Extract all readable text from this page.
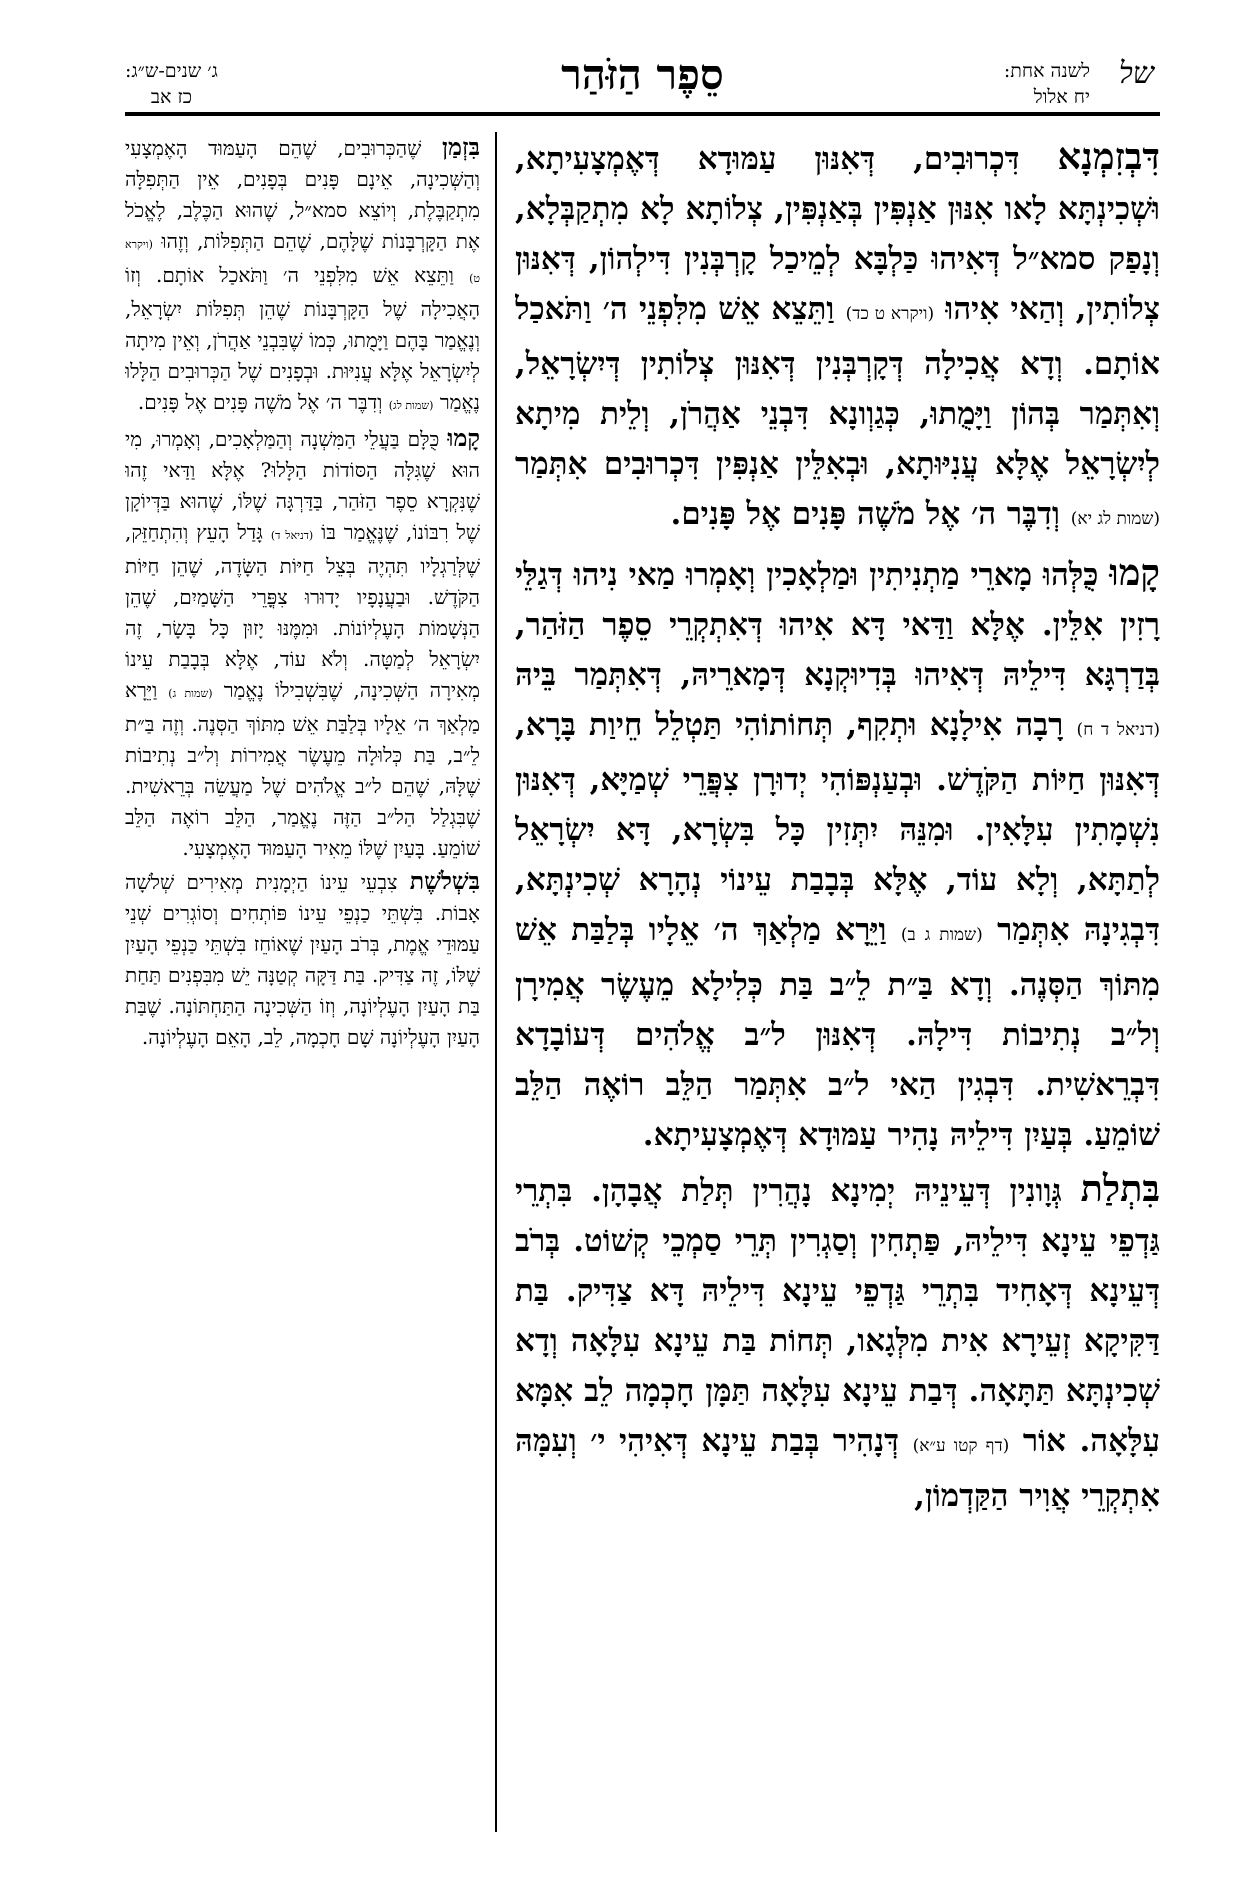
של
לשנה אחת:
יח אלול
סֵפֶר הַזֹּהַר
ג׳ שנים-ש״ג:
כז אב

דִּבְזִמְנָא דִּכְרוּבִים, דְּאִנּוּן עַמּוּדָא דְּאֶמְצָעִיתָא, וּשְׁכִינְתָּא לָאו אִנּוּן אַנְפִּין בְּאַנְפִּין, צְלוֹתָא לָא מִתְקַבְּלָא, וְנָפַק סמא״ל דְּאִיהוּ כַּלְבָּא לְמֵיכַל קָרְבְּנִין דִּילְהוֹן, דְּאִנּוּן צְלוֹתִין, וְהַאי אִיהוּ (ויקרא ט כד) וַתֵּצֵא אֵשׁ מִלִּפְנֵי ה׳ וַתֹּאכַל אוֹתָם. וְדָא אֲכִילָה דְּקָרְבְּנִין דְּאִנּוּן צְלוֹתִין דְּיִשְׂרָאֵל, וְאִתְּמַר בְּהוֹן וַיָּמֻתוּ, כְּגַוְונָא דִּבְנֵי אַהֲרֹן, וְלֵית מִיתָא לְיִשְׂרָאֵל אֶלָּא עֲנִיּוּתָא, וּבְאִלֵּין אַנְפִּין דִּכְרוּבִים אִתְּמַר (שמות לג יא) וְדִבֶּר ה׳ אֶל מֹשֶׁה פָּנִים אֶל פָּנִים.

קָמוּ כֻּלְּהוּ מָארֵי מַתְנִיתִין וּמַלְאָכִין וְאָמְרוּ מַאי נִיהוּ דְּגַלֵּי רָזִין אִלֵּין. אֶלָּא וַדַּאי דָּא אִיהוּ דְּאִתְקְרֵי סֵפֶר הַזֹּהַר, בְּדַרְגָּא דִּילֵיהּ דְּאִיהוּ בְּדִיוּקְנָא דְּמָארֵיהּ, דְּאִתְּמַר בֵּיהּ (דניאל ד ח) רָבָה אִילָנָא וּתְקִף, תְּחוֹתוֹהִי תַּטְלֵל חֵיוַת בָּרָא, דְּאִנּוּן חַיּוֹת הַקֹּדֶשׁ. וּבְעַנְפּוֹהִי יְדוּרָן צִפֲּרֵי שְׁמַיָּא, דְּאִנּוּן נִשְׁמָתִין עִלָּאִין. וּמִנֵּהּ יִתְּזִין כָּל בִּשְׂרָא, דָּא יִשְׂרָאֵל לְתַתָּא, וְלָא עוֹד, אֶלָּא בְּבָבַת עֵינוֹי נְהָרָא שְׁכִינְתָּא, דִּבְגִינָהּ אִתְּמַר (שמות ג ב) וַיֵּרָא מַלְאַךְ ה׳ אֵלָיו בְּלַבַּת אֵשׁ מִתּוֹךְ הַסְּנֶה. וְדָא בַּ״ת לֵ״ב בַּת כְּלִילָא מֵעֶשֶׂר אֲמִירָן וְל״ב נְתִיבוֹת דִּילָהּ. דְּאִנּוּן ל״ב אֱלֹהִים דְּעוֹבָדָא דִּבְרֵאשִׁית. דִּבְגִין הַאי ל״ב אִתְּמַר הַלֵּב רוֹאֶה הַלֵּב שׁוֹמֵעַ. בְּעַיִן דִּילֵיהּ נָהִיר עַמּוּדָא דְּאֶמְצָעִיתָא.

בִּתְלַת גְּוָונִין דְּעֵינֵיהּ יְמִינָא נָהֲרִין תְּלַת אֲבָהָן. בִּתְרֵי גַּדְפֵי עֵינָא דִּילֵיהּ, פַּתְחִין וְסַגְרִין תְּרֵי סַמְכֵי קְשׁוֹט. בְּרֹב דְּעֵינָא דְּאָחִיד בִּתְרֵי גַּדְפֵי עֵינָא דִּילֵיהּ דָּא צַדִּיק. בַּת דַּקִּיקָא זְעֵירָא אִית מִלְּגָאו, תְּחוֹת בַּת עֵינָא עִלָּאָה וְדָא שְׁכִינְתָּא תַּתָּאָה. דְּבַת עֵינָא עִלָּאָה תַּמָּן חָכְמָה לֵב אִמָּא עִלָּאָה. אוֹר (דף קטו ע״א) דְּנָהִיר בְּבַת עֵינָא דְּאִיהִי י׳ וְעִמָּהּ אִתְקְרֵי אֲוִיר הַקַּדְמוֹן,

בִּזְמַן שֶׁהַכְּרוּבִים, שֶׁהֵם הָעַמּוּד הָאֶמְצָעִי וְהַשְּׁכִינָה, אֵינָם פָּנִים בְּפָנִים, אֵין הַתְּפִלָּה מִתְקַבֶּלֶת, וְיוֹצֵא סמא״ל, שֶׁהוּא הַכֶּלֶב, לֶאֱכֹל אֶת הַקָּרְבָּנוֹת שֶׁלָּהֶם, שֶׁהֵם הַתְּפִלּוֹת, וְזֶהוּ (ויקרא ט) וַתֵּצֵא אֵשׁ מִלִּפְנֵי ה׳ וַתֹּאכַל אוֹתָם. וְזוֹ הָאֲכִילָה שֶׁל הַקָּרְבָּנוֹת שֶׁהֵן תְּפִלּוֹת יִשְׂרָאֵל, וְנֶאֱמַר בָּהֶם וַיָּמֻתוּ, כְּמוֹ שֶׁבִּבְנֵי אַהֲרֹן, וְאֵין מִיתָה לְיִשְׂרָאֵל אֶלָּא עֲנִיּוּת. וּבְפָנִים שֶׁל הַכְּרוּבִים הַלָּלוּ נֶאֱמַר (שמות לג) וְדִבֶּר ה׳ אֶל מֹשֶׁה פָּנִים אֶל פָּנִים.

קָמוּ כֻּלָּם בַּעֲלֵי הַמִּשְׁנָה וְהַמַּלְאָכִים, וְאָמְרוּ, מִי הוּא שֶׁגִּלָּה הַסּוֹדוֹת הַלָּלוּ? אֶלָּא וַדַּאי זֶהוּ שֶׁנִּקְרָא סֵפֶר הַזֹּהַר, בַּדַּרְגָּה שֶׁלּוֹ, שֶׁהוּא בַּדְּיוֹקָן שֶׁל רִבּוֹנוֹ, שֶׁנֶּאֱמַר בּוֹ (דניאל ד) גָּדַל הָעֵץ וְהִתְחַזֵּק, שֶׁלְּרַגְלָיו תִּהְיֶה בְּצֵל חַיּוֹת הַשָּׂדֶה, שֶׁהֵן חַיּוֹת הַקֹּדֶשׁ. וּבַעֲנָפָיו יָדוּרוּ צִפֳּרֵי הַשָּׁמַיִם, שֶׁהֵן הַנְּשָׁמוֹת הָעֶלְיוֹנוֹת. וּמִמֶּנּוּ יָזוּן כָּל בָּשָׂר, זֶה יִשְׂרָאֵל לְמַטָּה. וְלֹא עוֹד, אֶלָּא בְּבָבַת עֵינוֹ מְאִירָה הַשְּׁכִינָה, שֶׁבִּשְׁבִילוֹ נֶאֱמַר (שמות ג) וַיֵּרָא מַלְאַךְ ה׳ אֵלָיו בְּלַבַּת אֵשׁ מִתּוֹךְ הַסְּנֶה. וְזֶה בַּ״ת לֵ״ב, בַּת כְּלוּלָה מֵעֶשֶׂר אֲמִירוֹת וְל״ב נְתִיבוֹת שֶׁלָּהּ, שֶׁהֵם ל״ב אֱלֹהִים שֶׁל מַעֲשֵׂה בְּרֵאשִׁית. שֶׁבִּגְלַל הַל״ב הַזֶּה נֶאֱמַר, הַלֵּב רוֹאֶה הַלֵּב שׁוֹמֵעַ. בָּעַיִן שֶׁלּוֹ מֵאִיר הָעַמּוּד הָאֶמְצָעִי.

בִּשְׁלֹשֶׁת צִבְעֵי עֵינוֹ הַיְמָנִית מְאִירִים שְׁלֹשָׁה אָבוֹת. בִּשְׁתֵּי כַנְפֵי עֵינוֹ פּוֹתְחִים וְסוֹגְרִים שְׁנֵי עַמּוּדֵי אֱמֶת, בְּרֹב הָעַיִן שֶׁאוֹחֵז בִּשְׁתֵּי כַּנְפֵי הָעַיִן שֶׁלּוֹ, זֶה צַדִּיק. בַּת דַּקָּה קְטַנָּה יֵשׁ מִבִּפְנִים תַּחַת בַּת הָעַיִן הָעֶלְיוֹנָה, וְזוֹ הַשְּׁכִינָה הַתַּחְתּוֹנָה. שֶׁבַּת הָעַיִן הָעֶלְיוֹנָה שָׁם חָכְמָה, לֵב, הָאֵם הָעֶלְיוֹנָה.
